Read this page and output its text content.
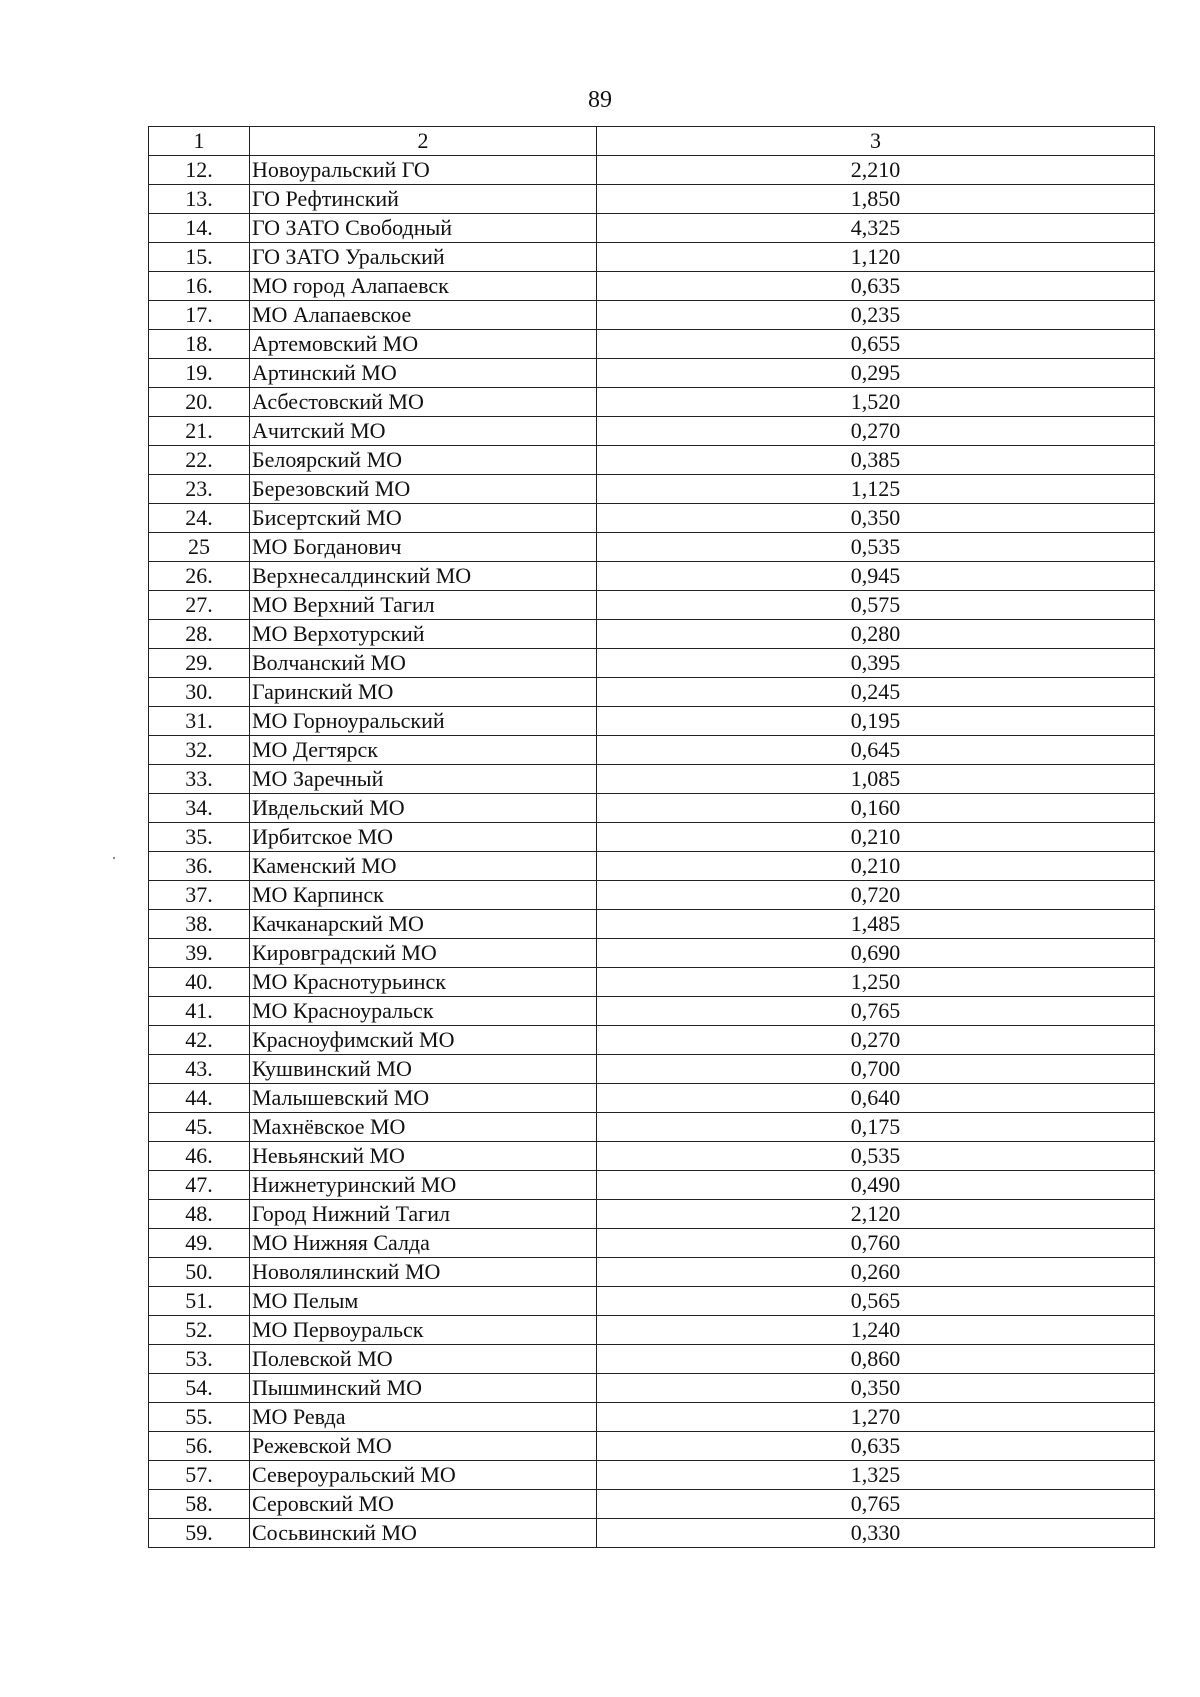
89
1	2	3
12.	Новоуральский ГО	2,210
13.	ГО Рефтинский	1,850
14.	ГО ЗАТО Свободный	4,325
15.	ГО ЗАТО Уральский	1,120
16.	МО город Алапаевск	0,635
17.	МО Алапаевское	0,235
18.	Артемовский МО	0,655
19.	Артинский МО	0,295
20.	Асбестовский МО	1,520
21.	Ачитский МО	0,270
22.	Белоярский МО	0,385
23.	Березовский МО	1,125
24.	Бисертский МО	0,350
25	МО Богданович	0,535
26.	Верхнесалдинский МО	0,945
27.	МО Верхний Тагил	0,575
28.	МО Верхотурский	0,280
29.	Волчанский МО	0,395
30.	Гаринский МО	0,245
31.	МО Горноуральский	0,195
32.	МО Дегтярск	0,645
33.	МО Заречный	1,085
34.	Ивдельский МО	0,160
35.	Ирбитское МО	0,210
36.	Каменский МО	0,210
37.	МО Карпинск	0,720
38.	Качканарский МО	1,485
39.	Кировградский МО	0,690
40.	МО Краснотурьинск	1,250
41.	МО Красноуральск	0,765
42.	Красноуфимский МО	0,270
43.	Кушвинский МО	0,700
44.	Малышевский МО	0,640
45.	Махнёвское МО	0,175
46.	Невьянский МО	0,535
47.	Нижнетуринский МО	0,490
48.	Город Нижний Тагил	2,120
49.	МО Нижняя Салда	0,760
50.	Новолялинский МО	0,260
51.	МО Пелым	0,565
52.	МО Первоуральск	1,240
53.	Полевской МО	0,860
54.	Пышминский МО	0,350
55.	МО Ревда	1,270
56.	Режевской МО	0,635
57.	Североуральский МО	1,325
58.	Серовский МО	0,765
59.	Сосьвинский МО	0,330
